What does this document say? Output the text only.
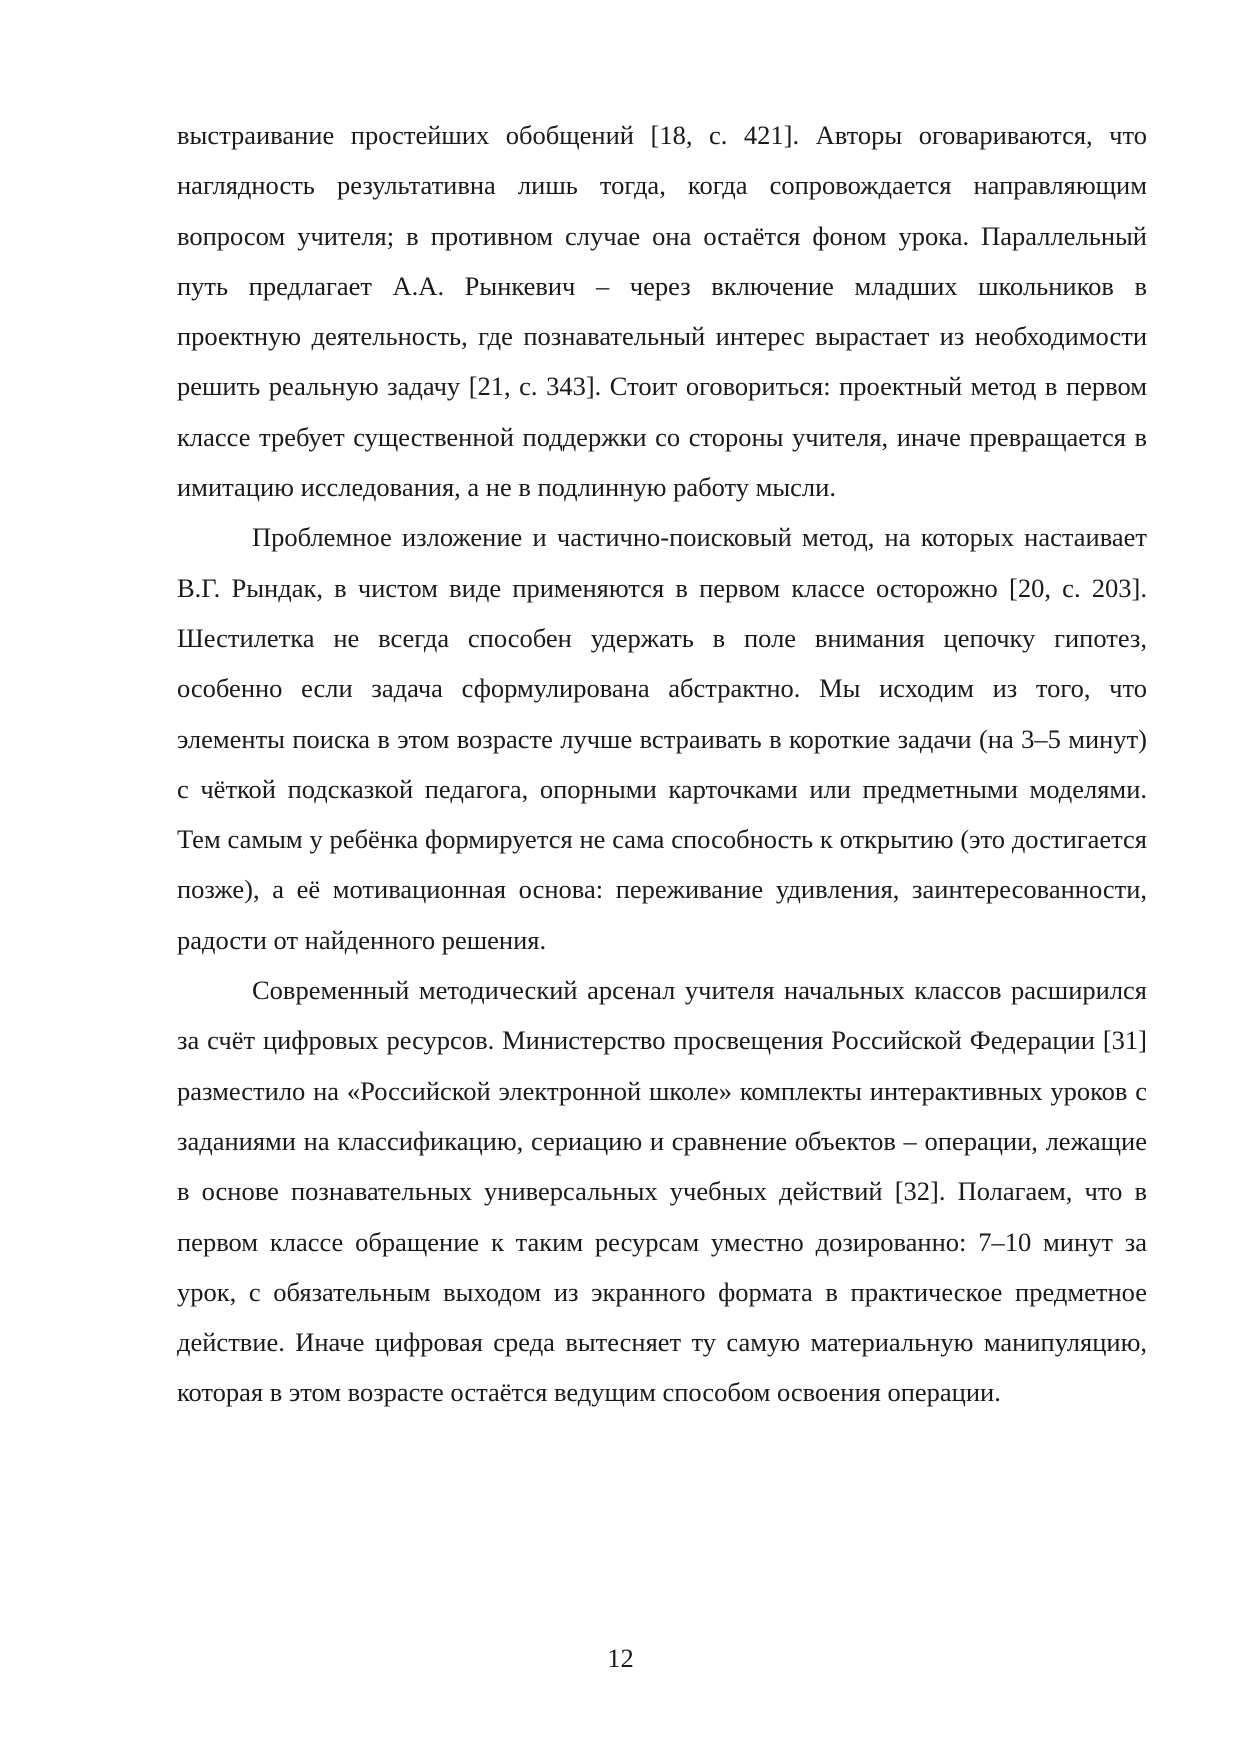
выстраивание простейших обобщений [18, с. 421]. Авторы оговариваются, что наглядность результативна лишь тогда, когда сопровождается направляющим вопросом учителя; в противном случае она остаётся фоном урока. Параллельный путь предлагает А.А. Рынкевич – через включение младших школьников в проектную деятельность, где познавательный интерес вырастает из необходимости решить реальную задачу [21, с. 343]. Стоит оговориться: проектный метод в первом классе требует существенной поддержки со стороны учителя, иначе превращается в имитацию исследования, а не в подлинную работу мысли.

Проблемное изложение и частично-поисковый метод, на которых настаивает В.Г. Рындак, в чистом виде применяются в первом классе осторожно [20, с. 203]. Шестилетка не всегда способен удержать в поле внимания цепочку гипотез, особенно если задача сформулирована абстрактно. Мы исходим из того, что элементы поиска в этом возрасте лучше встраивать в короткие задачи (на 3–5 минут) с чёткой подсказкой педагога, опорными карточками или предметными моделями. Тем самым у ребёнка формируется не сама способность к открытию (это достигается позже), а её мотивационная основа: переживание удивления, заинтересованности, радости от найденного решения.

Современный методический арсенал учителя начальных классов расширился за счёт цифровых ресурсов. Министерство просвещения Российской Федерации [31] разместило на «Российской электронной школе» комплекты интерактивных уроков с заданиями на классификацию, сериацию и сравнение объектов – операции, лежащие в основе познавательных универсальных учебных действий [32]. Полагаем, что в первом классе обращение к таким ресурсам уместно дозированно: 7–10 минут за урок, с обязательным выходом из экранного формата в практическое предметное действие. Иначе цифровая среда вытесняет ту самую материальную манипуляцию, которая в этом возрасте остаётся ведущим способом освоения операции.

12
